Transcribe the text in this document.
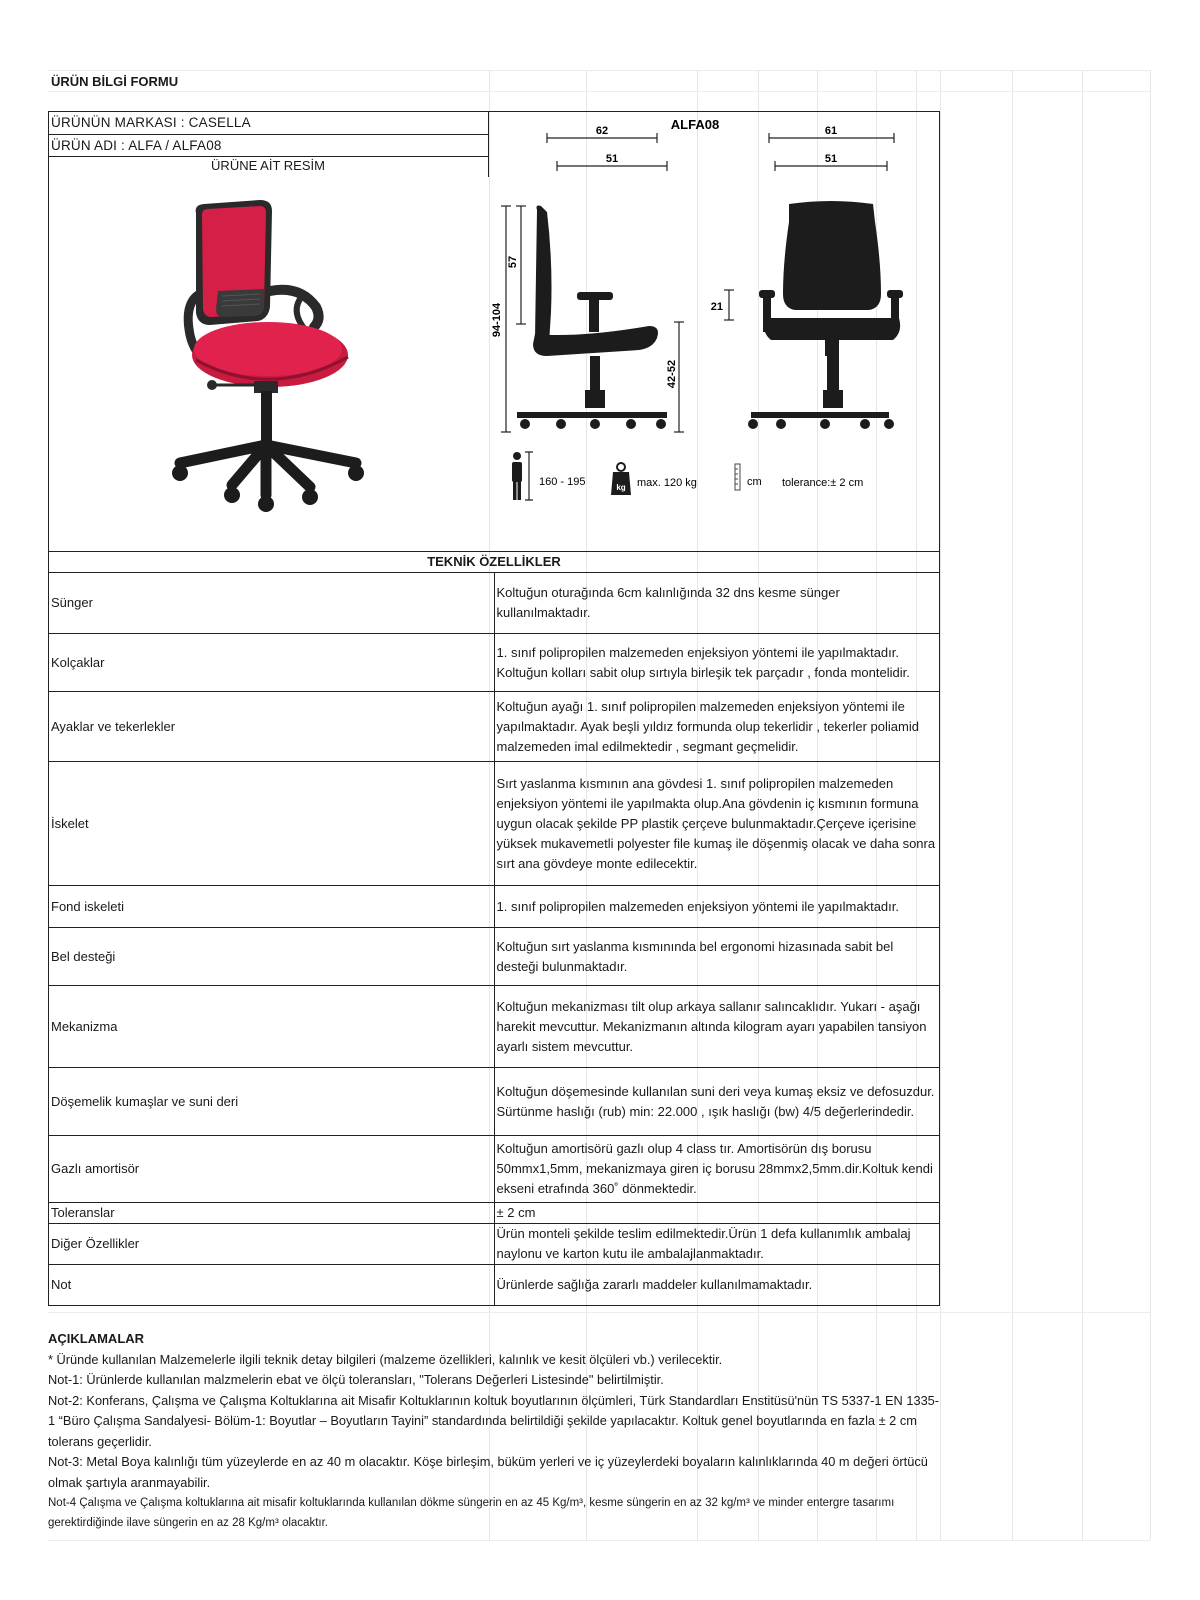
ÜRÜN BİLGİ FORMU
ÜRÜNÜN MARKASI : CASELLA
ÜRÜN ADI : ALFA / ALFA08
ÜRÜNE AİT RESİM
ALFA08
62
51
61
51
94-104
57
42-52
21
160 - 195	kg max. 120 kg	cm tolerance:± 2 cm
TEKNİK ÖZELLİKLER	
Sünger	Koltuğun oturağında 6cm kalınlığında 32 dns kesme sünger kullanılmaktadır.
Kolçaklar	1. sınıf polipropilen malzemeden enjeksiyon yöntemi ile yapılmaktadır. Koltuğun kolları sabit olup sırtıyla birleşik tek parçadır , fonda montelidir.
Ayaklar ve tekerlekler	Koltuğun ayağı 1. sınıf polipropilen malzemeden enjeksiyon yöntemi ile yapılmaktadır. Ayak beşli yıldız formunda olup tekerlidir , tekerler poliamid malzemeden imal edilmektedir , segmant geçmelidir.
İskelet	Sırt yaslanma kısmının ana gövdesi 1. sınıf polipropilen malzemeden enjeksiyon yöntemi ile yapılmakta olup.Ana gövdenin iç kısmının formuna uygun olacak şekilde PP plastik çerçeve bulunmaktadır.Çerçeve içerisine yüksek mukavemetli polyester file kumaş ile döşenmiş olacak ve daha sonra sırt ana gövdeye monte edilecektir.
Fond iskeleti	1. sınıf polipropilen malzemeden enjeksiyon yöntemi ile yapılmaktadır.
Bel desteği	Koltuğun sırt yaslanma kısmınında bel ergonomi hizasınada sabit bel desteği bulunmaktadır.
Mekanizma	Koltuğun mekanizması tilt olup arkaya sallanır salıncaklıdır. Yukarı - aşağı harekit mevcuttur. Mekanizmanın altında kilogram ayarı yapabilen tansiyon ayarlı sistem mevcuttur.
Döşemelik kumaşlar ve suni deri	Koltuğun döşemesinde kullanılan suni deri veya kumaş eksiz ve defosuzdur. Sürtünme haslığı (rub) min: 22.000 , ışık haslığı (bw) 4/5 değerlerindedir.
Gazlı amortisör	Koltuğun amortisörü gazlı olup 4 class tır. Amortisörün dış borusu 50mmx1,5mm, mekanizmaya giren iç borusu 28mmx2,5mm.dir.Koltuk kendi ekseni etrafında 360˚ dönmektedir.
Toleranslar	± 2 cm
Diğer Özellikler	Ürün monteli şekilde teslim edilmektedir.Ürün 1 defa kullanımlık ambalaj naylonu ve karton kutu ile ambalajlanmaktadır.
Not	Ürünlerde sağlığa zararlı maddeler kullanılmamaktadır.
AÇIKLAMALAR
* Üründe kullanılan Malzemelerle ilgili teknik detay bilgileri (malzeme özellikleri, kalınlık ve kesit ölçüleri vb.) verilecektir.
Not-1: Ürünlerde kullanılan malzmelerin ebat ve ölçü toleransları, "Tolerans Değerleri Listesinde" belirtilmiştir.
Not-2: Konferans, Çalışma ve Çalışma Koltuklarına ait Misafir Koltuklarının koltuk boyutlarının ölçümleri, Türk Standardları Enstitüsü'nün TS 5337-1 EN 1335-1 “Büro Çalışma Sandalyesi- Bölüm-1: Boyutlar – Boyutların Tayini” standardında belirtildiği şekilde yapılacaktır. Koltuk genel boyutlarında en fazla ± 2 cm tolerans geçerlidir.
Not-3: Metal Boya kalınlığı tüm yüzeylerde en az 40 m olacaktır. Köşe birleşim, büküm yerleri ve iç yüzeylerdeki boyaların kalınlıklarında 40 m değeri örtücü olmak şartıyla aranmayabilir.
Not-4 Çalışma ve Çalışma koltuklarına ait misafir koltuklarında kullanılan dökme süngerin en az 45 Kg/m³, kesme süngerin en az 32 kg/m³ ve minder entergre tasarımı gerektirdiğinde ilave süngerin en az 28 Kg/m³ olacaktır.
